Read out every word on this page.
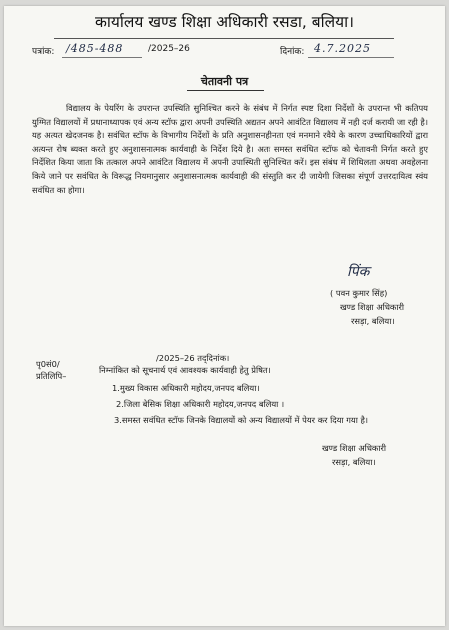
कार्यालय खण्ड शिक्षा अधिकारी रसडा, बलिया।
पत्रांक: /485-488	/2025–26	दिनांक: 4.7.2025
चेतावनी पत्र
विद्यालय के पेयरिंग के उपरान्त उपस्थिति सुनिश्चित करने के संबंध में निर्गत स्पष्ट दिशा निर्देशों के उपरान्त भी कतिपय युग्मित विद्यालयों में प्रधानाध्यापक एवं अन्य स्टॉफ द्वारा अपनी उपस्थिति अद्यतन अपने आवंटित विद्यालय में नही दर्ज करायी जा रही है। यह अत्यत खेदजनक है। सवंधित स्टॉफ के विभागीय निर्देशों के प्रति अनुशासनहीनता एवं मनमाने रवैये के कारण उच्चाधिकारियों द्वारा अत्यन्त रोष ब्यक्त करते हुए अनुशासनात्मक कार्यवाही के निर्देश दिये है। अतः समस्त सवंधित स्टॉफ को चेतावनी निर्गत करते हुए निर्देशित किया जाता कि तत्काल अपने आवंटित विद्यालय में अपनी उपास्थिती सुनिश्चित करें। इस संबंध में शिथिलता अथवा अवहेलना किये जाने पर सवंधित के विरूद्ध नियमानुसार अनुशासनात्मक कार्यवाही की संस्तुति कर दी जायेगी जिसका संपूर्ण उत्तरदायित्व स्वंय सवंधित का होगा।
पिंक
( पवन कुमार सिंह)
खण्ड शिक्षा अधिकारी
रसड़ा, बलिया।
पृ0सं0/
/2025–26 तद्‌दिनांक।
प्रतिलिपि–
निम्नांकित को सूचनार्थ एवं आवश्यक कार्यवाही हेतु प्रेषित।
1.मुख्य विकास अधिकारी महोदय,जनपद बलिया।
2.जिला बेसिक शिक्षा अधिकारी महोदय,जनपद बलिया ।
3.समस्त सवंधित स्टॉफ जिनके विद्यालयों को अन्य विद्यालयों में पेयर कर दिया गया है।
खण्ड शिक्षा अधिकारी
रसड़ा, बलिया।
